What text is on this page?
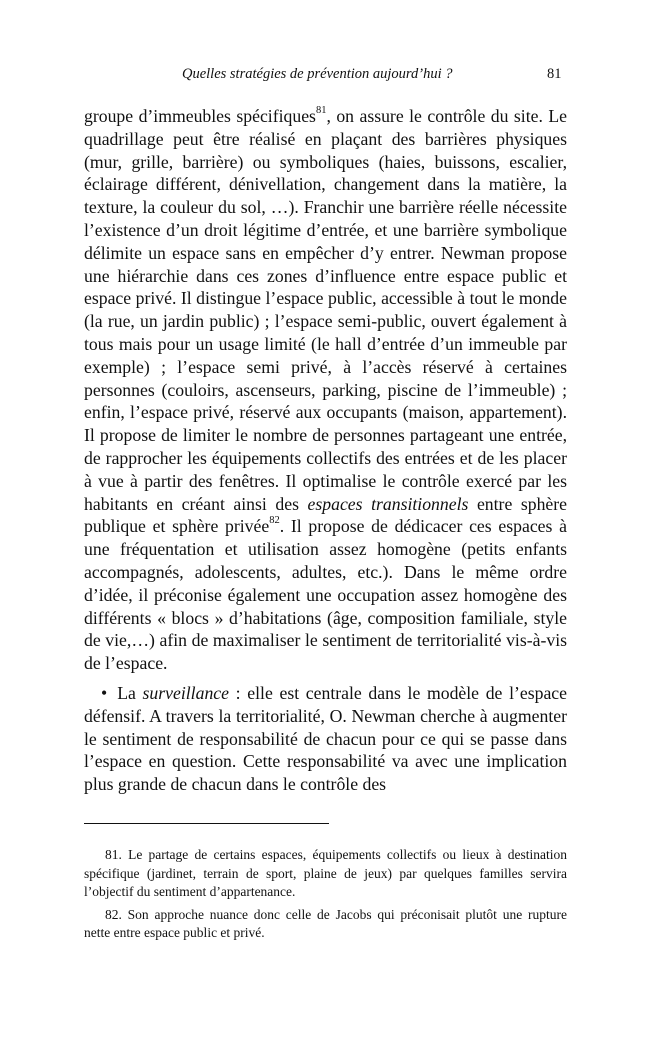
Quelles stratégies de prévention aujourd’hui ?	81

groupe d’immeubles spécifiques$^{81}$, on assure le contrôle du site. Le quadrillage peut être réalisé en plaçant des barrières physiques (mur, grille, barrière) ou symboliques (haies, buissons, escalier, éclairage différent, dénivellation, changement dans la matière, la texture, la couleur du sol, …). Franchir une barrière réelle nécessite l’existence d’un droit légitime d’entrée, et une barrière symbolique délimite un espace sans en empêcher d’y entrer. Newman propose une hiérarchie dans ces zones d’influence entre espace public et espace privé. Il distingue l’espace public, accessible à tout le monde (la rue, un jardin public) ; l’espace semi-public, ouvert également à tous mais pour un usage limité (le hall d’entrée d’un immeuble par exemple) ; l’espace semi privé, à l’accès réservé à certaines personnes (couloirs, ascenseurs, parking, piscine de l’immeuble) ; enfin, l’espace privé, réservé aux occupants (maison, appartement). Il propose de limiter le nombre de personnes partageant une entrée, de rapprocher les équipements collectifs des entrées et de les placer à vue à partir des fenêtres. Il optimalise le contrôle exercé par les habitants en créant ainsi des espaces transitionnels entre sphère publique et sphère privée$^{82}$. Il propose de dédicacer ces espaces à une fréquentation et utilisation assez homogène (petits enfants accompagnés, adolescents, adultes, etc.). Dans le même ordre d’idée, il préconise également une occupation assez homogène des différents « blocs » d’habitations (âge, composition familiale, style de vie,…) afin de maximaliser le sentiment de territorialité vis-à-vis de l’espace.

• La surveillance : elle est centrale dans le modèle de l’espace défensif. A travers la territorialité, O. Newman cherche à augmenter le sentiment de responsabilité de chacun pour ce qui se passe dans l’espace en question. Cette responsabilité va avec une implication plus grande de chacun dans le contrôle des

81. Le partage de certains espaces, équipements collectifs ou lieux à destination spécifique (jardinet, terrain de sport, plaine de jeux) par quelques familles servira l’objectif du sentiment d’appartenance.

82. Son approche nuance donc celle de Jacobs qui préconisait plutôt une rupture nette entre espace public et privé.
